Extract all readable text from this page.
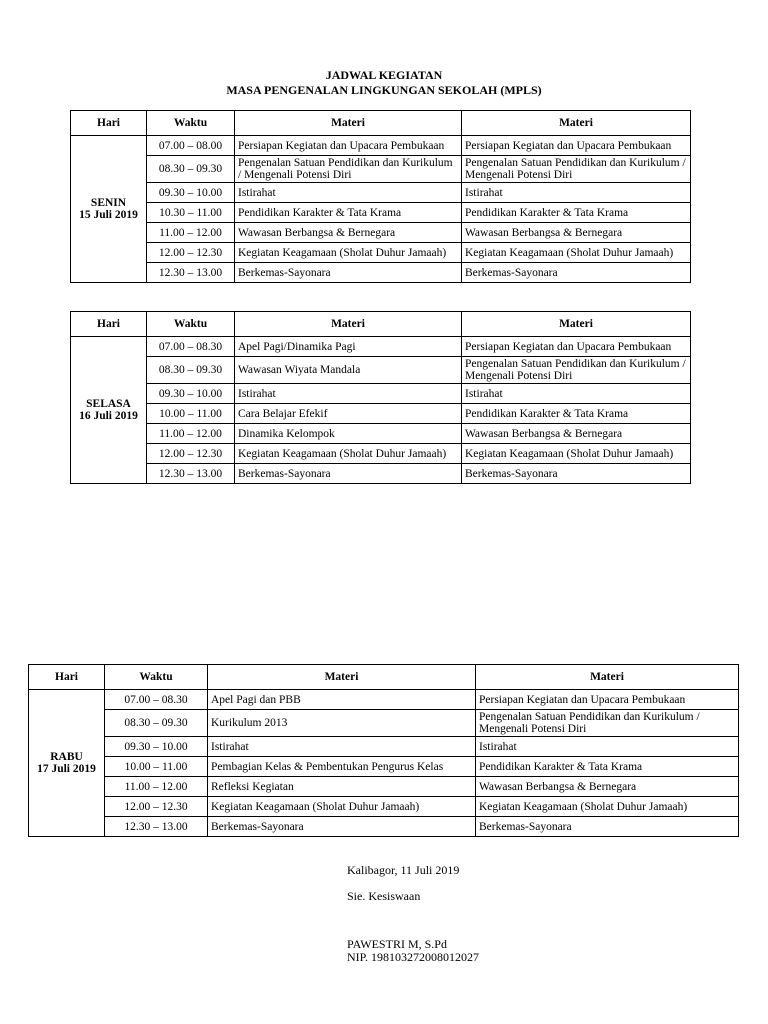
JADWAL KEGIATAN
MASA PENGENALAN LINGKUNGAN SEKOLAH (MPLS)
Hari	Waktu	Materi	Materi

SENIN
15 Juli 2019	07.00 – 08.00	Persiapan Kegiatan dan Upacara Pembukaan	Persiapan Kegiatan dan Upacara Pembukaan
	08.30 – 09.30	Pengenalan Satuan Pendidikan dan Kurikulum / Mengenali Potensi Diri	Pengenalan Satuan Pendidikan dan Kurikulum / Mengenali Potensi Diri
	09.30 – 10.00	Istirahat	Istirahat
	10.30 – 11.00	Pendidikan Karakter & Tata Krama	Pendidikan Karakter & Tata Krama
	11.00 – 12.00	Wawasan Berbangsa & Bernegara	Wawasan Berbangsa & Bernegara
	12.00 – 12.30	Kegiatan Keagamaan (Sholat Duhur Jamaah)	Kegiatan Keagamaan (Sholat Duhur Jamaah)
	12.30 – 13.00	Berkemas-Sayonara	Berkemas-Sayonara
Hari	Waktu	Materi	Materi

SELASA
16 Juli 2019	07.00 – 08.30	Apel Pagi/Dinamika Pagi	Persiapan Kegiatan dan Upacara Pembukaan
	08.30 – 09.30	Wawasan Wiyata Mandala	Pengenalan Satuan Pendidikan dan Kurikulum / Mengenali Potensi Diri
	09.30 – 10.00	Istirahat	Istirahat
	10.00 – 11.00	Cara Belajar Efekif	Pendidikan Karakter & Tata Krama
	11.00 – 12.00	Dinamika Kelompok	Wawasan Berbangsa & Bernegara
	12.00 – 12.30	Kegiatan Keagamaan (Sholat Duhur Jamaah)	Kegiatan Keagamaan (Sholat Duhur Jamaah)
	12.30 – 13.00	Berkemas-Sayonara	Berkemas-Sayonara
Hari	Waktu	Materi	Materi

RABU
17 Juli 2019	07.00 – 08.30	Apel Pagi dan PBB	Persiapan Kegiatan dan Upacara Pembukaan
	08.30 – 09.30	Kurikulum 2013	Pengenalan Satuan Pendidikan dan Kurikulum / Mengenali Potensi Diri
	09.30 – 10.00	Istirahat	Istirahat
	10.00 – 11.00	Pembagian Kelas & Pembentukan Pengurus Kelas	Pendidikan Karakter & Tata Krama
	11.00 – 12.00	Refleksi Kegiatan	Wawasan Berbangsa & Bernegara
	12.00 – 12.30	Kegiatan Keagamaan (Sholat Duhur Jamaah)	Kegiatan Keagamaan (Sholat Duhur Jamaah)
	12.30 – 13.00	Berkemas-Sayonara	Berkemas-Sayonara
Kalibagor, 11 Juli 2019
Sie. Kesiswaan
PAWESTRI M, S.Pd
NIP. 198103272008012027
